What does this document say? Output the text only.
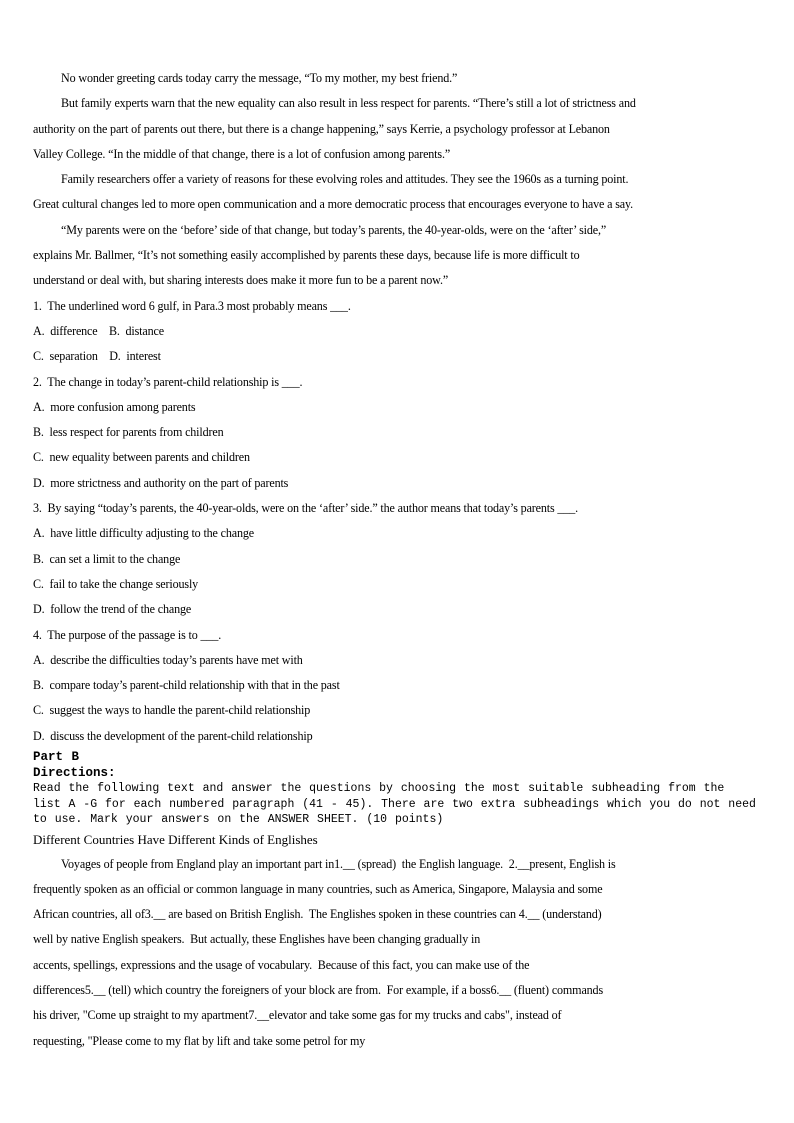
No wonder greeting cards today carry the message, “To my mother, my best friend.”
But family experts warn that the new equality can also result in less respect for parents. “There’s still a lot of strictness and
authority on the part of parents out there, but there is a change happening,” says Kerrie, a psychology professor at Lebanon
Valley College. “In the middle of that change, there is a lot of confusion among parents.”
Family researchers offer a variety of reasons for these evolving roles and attitudes. They see the 1960s as a turning point.
Great cultural changes led to more open communication and a more democratic process that encourages everyone to have a say.
“My parents were on the ‘before’ side of that change, but today’s parents, the 40-year-olds, were on the ‘after’ side,”
explains Mr. Ballmer, “It’s not something easily accomplished by parents these days, because life is more difficult to
understand or deal with, but sharing interests does make it more fun to be a parent now.”
1.  The underlined word 6 gulf, in Para.3 most probably means ___.
A.  difference    B.  distance
C.  separation    D.  interest
2.  The change in today’s parent-child relationship is ___.
A.  more confusion among parents
B.  less respect for parents from children
C.  new equality between parents and children
D.  more strictness and authority on the part of parents
3.  By saying “today’s parents, the 40-year-olds, were on the ‘after’ side.” the author means that today’s parents ___.
A.  have little difficulty adjusting to the change
B.  can set a limit to the change
C.  fail to take the change seriously
D.  follow the trend of the change
4.  The purpose of the passage is to ___.
A.  describe the difficulties today’s parents have met with
B.  compare today’s parent-child relationship with that in the past
C.  suggest the ways to handle the parent-child relationship
D.  discuss the development of the parent-child relationship
Part B
Directions:
Read the following text and answer the questions by choosing the most suitable subheading from the
list A -G for each numbered paragraph (41 - 45). There are two extra subheadings which you do not need
to use. Mark your answers on the ANSWER SHEET. (10 points)
Different Countries Have Different Kinds of Englishes
Voyages of people from England play an important part in1.__ (spread)  the English language.  2.__present, English is
frequently spoken as an official or common language in many countries, such as America, Singapore, Malaysia and some
African countries, all of3.__ are based on British English.  The Englishes spoken in these countries can 4.__ (understand)
well by native English speakers.  But actually, these Englishes have been changing gradually in
accents, spellings, expressions and the usage of vocabulary.  Because of this fact, you can make use of the
differences5.__ (tell) which country the foreigners of your block are from.  For example, if a boss6.__ (fluent) commands
his driver, "Come up straight to my apartment7.__elevator and take some gas for my trucks and cabs", instead of
requesting, "Please come to my flat by lift and take some petrol for my
